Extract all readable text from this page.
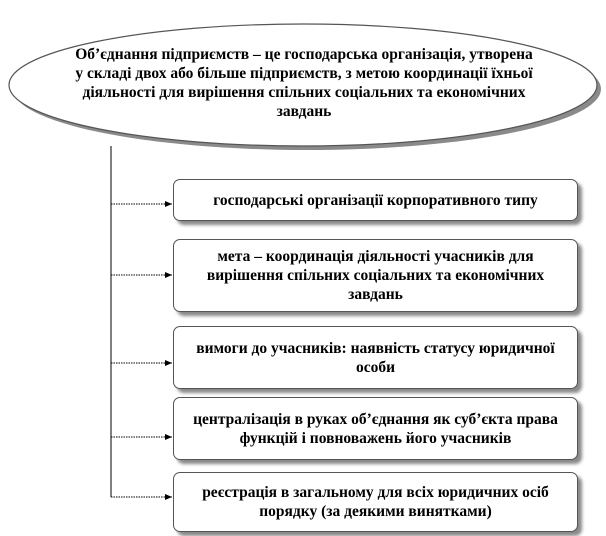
Об’єднання підприємств – це господарська організація, утворена у складі двох або більше підприємств, з метою координації їхньої діяльності для вирішення спільних соціальних та економічних завдань
господарські організації корпоративного типу
мета – координація діяльності учасників для вирішення спільних соціальних та економічних завдань
вимоги до учасників: наявність статусу юридичної особи
централізація в руках об’єднання як суб’єкта права функцій і повноважень його учасників
реєстрація в загальному для всіх юридичних осіб порядку (за деякими винятками)
